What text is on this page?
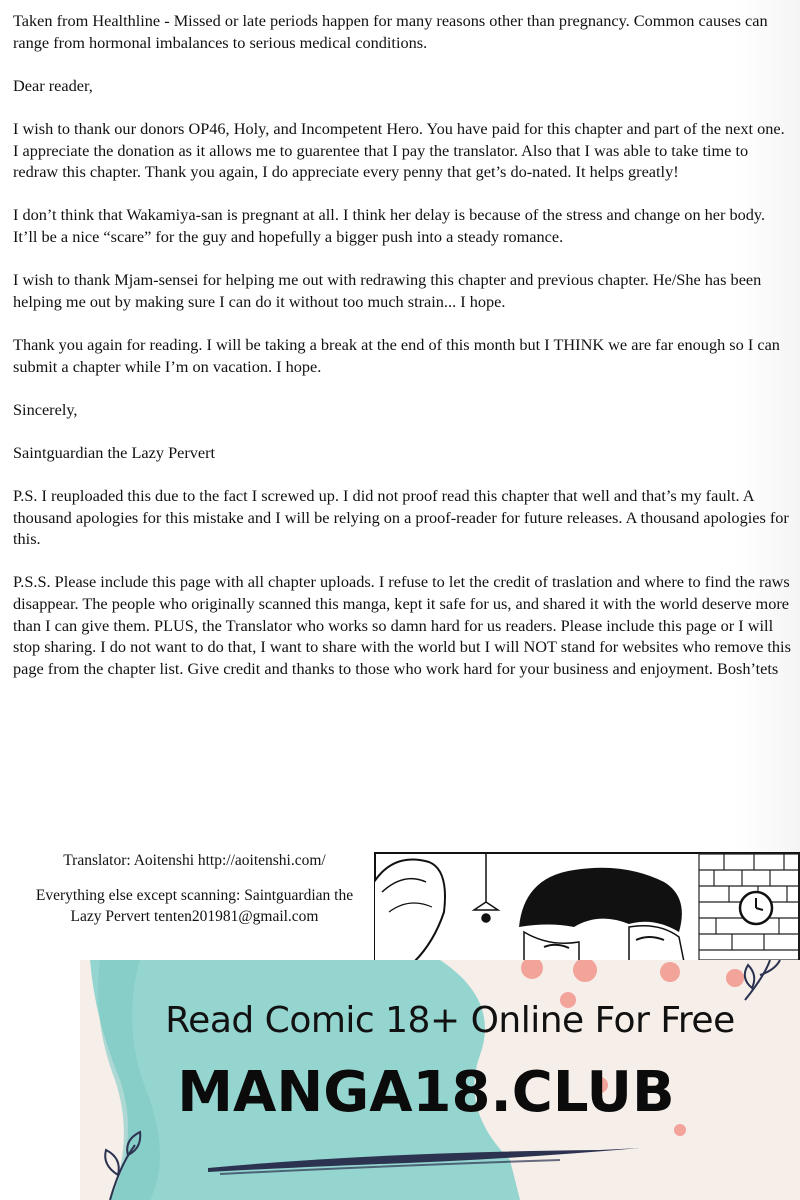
Taken from Healthline - Missed or late periods happen for many reasons other than pregnancy. Common causes can range from hormonal imbalances to serious medical conditions.

Dear reader,

I wish to thank our donors OP46, Holy, and Incompetent Hero. You have paid for this chapter and part of the next one. I appreciate the donation as it allows me to guarentee that I pay the translator. Also that I was able to take time to redraw this chapter. Thank you again, I do appreciate every penny that get’s do-nated. It helps greatly!

I don’t think that Wakamiya-san is pregnant at all. I think her delay is because of the stress and change on her body. It’ll be a nice “scare” for the guy and hopefully a bigger push into a steady romance.

I wish to thank Mjam-sensei for helping me out with redrawing this chapter and previous chapter. He/She has been helping me out by making sure I can do it without too much strain... I hope.

Thank you again for reading. I will be taking a break at the end of this month but I THINK we are far enough so I can submit a chapter while I’m on vacation. I hope.

Sincerely,

Saintguardian the Lazy Pervert

P.S. I reuploaded this due to the fact I screwed up. I did not proof read this chapter that well and that’s my fault. A thousand apologies for this mistake and I will be relying on a proof-reader for future releases. A thousand apologies for this.

P.S.S. Please include this page with all chapter uploads. I refuse to let the credit of traslation and where to find the raws disappear. The people who originally scanned this manga, kept it safe for us, and shared it with the world deserve more than I can give them. PLUS, the Translator who works so damn hard for us readers. Please include this page or I will stop sharing. I do not want to do that, I want to share with the world but I will NOT stand for websites who remove this page from the chapter list. Give credit and thanks to those who work hard for your business and enjoyment. Bosh’tets

Translator: Aoitenshi http://aoitenshi.com/

Everything else except scanning: Saintguardian the Lazy Pervert tenten201981@gmail.com

Read Comic 18+ Online For Free
MANGA18.CLUB
